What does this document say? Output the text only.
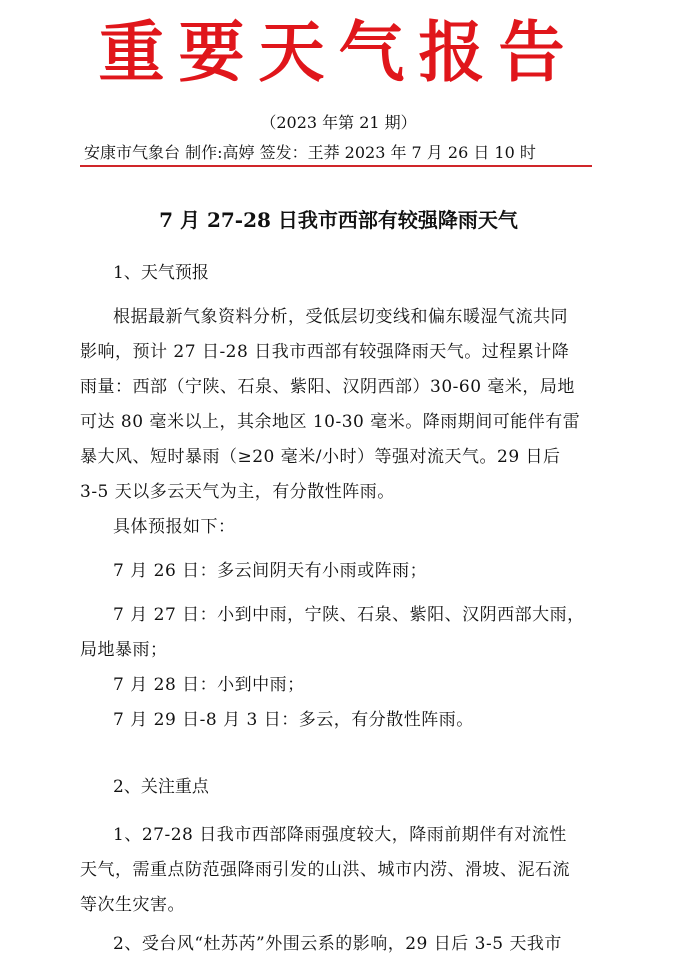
重要天气报告
（2023 年第 21 期）
安康市气象台 制作:高婷 签发：王莽 2023 年 7 月 26 日 10 时
7 月 27-28 日我市西部有较强降雨天气
1、天气预报
根据最新气象资料分析，受低层切变线和偏东暖湿气流共同
影响，预计 27 日-28 日我市西部有较强降雨天气。过程累计降
雨量：西部（宁陕、石泉、紫阳、汉阴西部）30-60 毫米，局地
可达 80 毫米以上，其余地区 10-30 毫米。降雨期间可能伴有雷
暴大风、短时暴雨（≥20 毫米/小时）等强对流天气。29 日后
3-5 天以多云天气为主，有分散性阵雨。
具体预报如下：
7 月 26 日：多云间阴天有小雨或阵雨；
7 月 27 日：小到中雨，宁陕、石泉、紫阳、汉阴西部大雨，
局地暴雨；
7 月 28 日：小到中雨；
7 月 29 日-8 月 3 日：多云，有分散性阵雨。
2、关注重点
1、27-28 日我市西部降雨强度较大，降雨前期伴有对流性
天气，需重点防范强降雨引发的山洪、城市内涝、滑坡、泥石流
等次生灾害。
2、受台风“杜苏芮”外围云系的影响，29 日后 3-5 天我市
